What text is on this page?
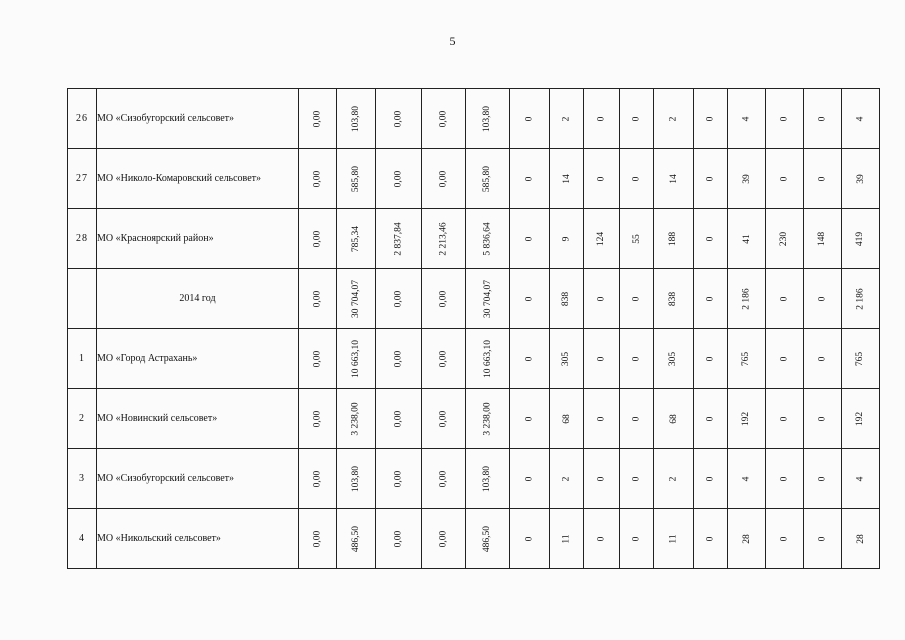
5
26	МО «Сизобугорский сельсовет»	0,00	103,80	0,00	0,00	103,80	0	2	0	0	2	0	4	0	0	4
27	МО «Николо-Комаровский сельсовет»	0,00	585,80	0,00	0,00	585,80	0	14	0	0	14	0	39	0	0	39
28	МО «Красноярский район»	0,00	785,34	2 837,84	2 213,46	5 836,64	0	9	124	55	188	0	41	230	148	419
	2014 год	0,00	30 704,07	0,00	0,00	30 704,07	0	838	0	0	838	0	2 186	0	0	2 186
1	МО «Город Астрахань»	0,00	10 663,10	0,00	0,00	10 663,10	0	305	0	0	305	0	765	0	0	765
2	МО «Новинский сельсовет»	0,00	3 238,00	0,00	0,00	3 238,00	0	68	0	0	68	0	192	0	0	192
3	МО «Сизобугорский сельсовет»	0,00	103,80	0,00	0,00	103,80	0	2	0	0	2	0	4	0	0	4
4	МО «Никольский сельсовет»	0,00	486,50	0,00	0,00	486,50	0	11	0	0	11	0	28	0	0	28
